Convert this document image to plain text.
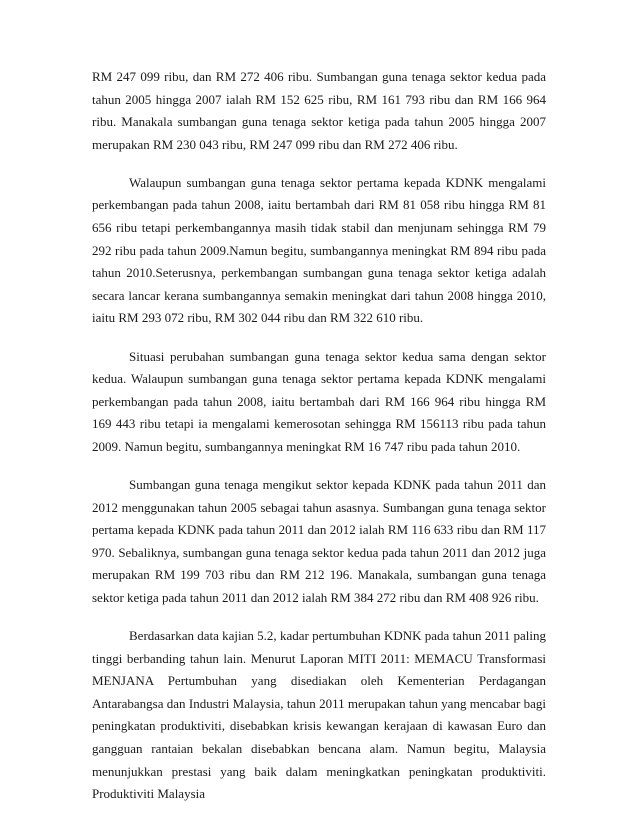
RM 247 099 ribu, dan RM 272 406 ribu. Sumbangan guna tenaga sektor kedua pada tahun 2005 hingga 2007 ialah RM 152 625 ribu, RM 161 793 ribu dan RM 166 964 ribu. Manakala sumbangan guna tenaga sektor ketiga pada tahun 2005 hingga 2007 merupakan RM 230 043 ribu, RM 247 099 ribu dan RM 272 406 ribu.

Walaupun sumbangan guna tenaga sektor pertama kepada KDNK mengalami perkembangan pada tahun 2008, iaitu bertambah dari RM 81 058 ribu hingga RM 81 656 ribu tetapi perkembangannya masih tidak stabil dan menjunam sehingga RM 79 292 ribu pada tahun 2009.Namun begitu, sumbangannya meningkat RM 894 ribu pada tahun 2010.Seterusnya, perkembangan sumbangan guna tenaga sektor ketiga adalah secara lancar kerana sumbangannya semakin meningkat dari tahun 2008 hingga 2010, iaitu RM 293 072 ribu, RM 302 044 ribu dan RM 322 610 ribu.

Situasi perubahan sumbangan guna tenaga sektor kedua sama dengan sektor kedua. Walaupun sumbangan guna tenaga sektor pertama kepada KDNK mengalami perkembangan pada tahun 2008, iaitu bertambah dari RM 166 964 ribu hingga RM 169 443 ribu tetapi ia mengalami kemerosotan sehingga RM 156113 ribu pada tahun 2009. Namun begitu, sumbangannya meningkat RM 16 747 ribu pada tahun 2010.

Sumbangan guna tenaga mengikut sektor kepada KDNK pada tahun 2011 dan 2012 menggunakan tahun 2005 sebagai tahun asasnya. Sumbangan guna tenaga sektor pertama kepada KDNK pada tahun 2011 dan 2012 ialah RM 116 633 ribu dan RM 117 970. Sebaliknya, sumbangan guna tenaga sektor kedua pada tahun 2011 dan 2012 juga merupakan RM 199 703 ribu dan RM 212 196. Manakala, sumbangan guna tenaga sektor ketiga pada tahun 2011 dan 2012 ialah RM 384 272 ribu dan RM 408 926 ribu.

Berdasarkan data kajian 5.2, kadar pertumbuhan KDNK pada tahun 2011 paling tinggi berbanding tahun lain. Menurut Laporan MITI 2011: MEMACU Transformasi MENJANA Pertumbuhan yang disediakan oleh Kementerian Perdagangan Antarabangsa dan Industri Malaysia, tahun 2011 merupakan tahun yang mencabar bagi peningkatan produktiviti, disebabkan krisis kewangan kerajaan di kawasan Euro dan gangguan rantaian bekalan disebabkan bencana alam. Namun begitu, Malaysia menunjukkan prestasi yang baik dalam meningkatkan peningkatan produktiviti. Produktiviti Malaysia
